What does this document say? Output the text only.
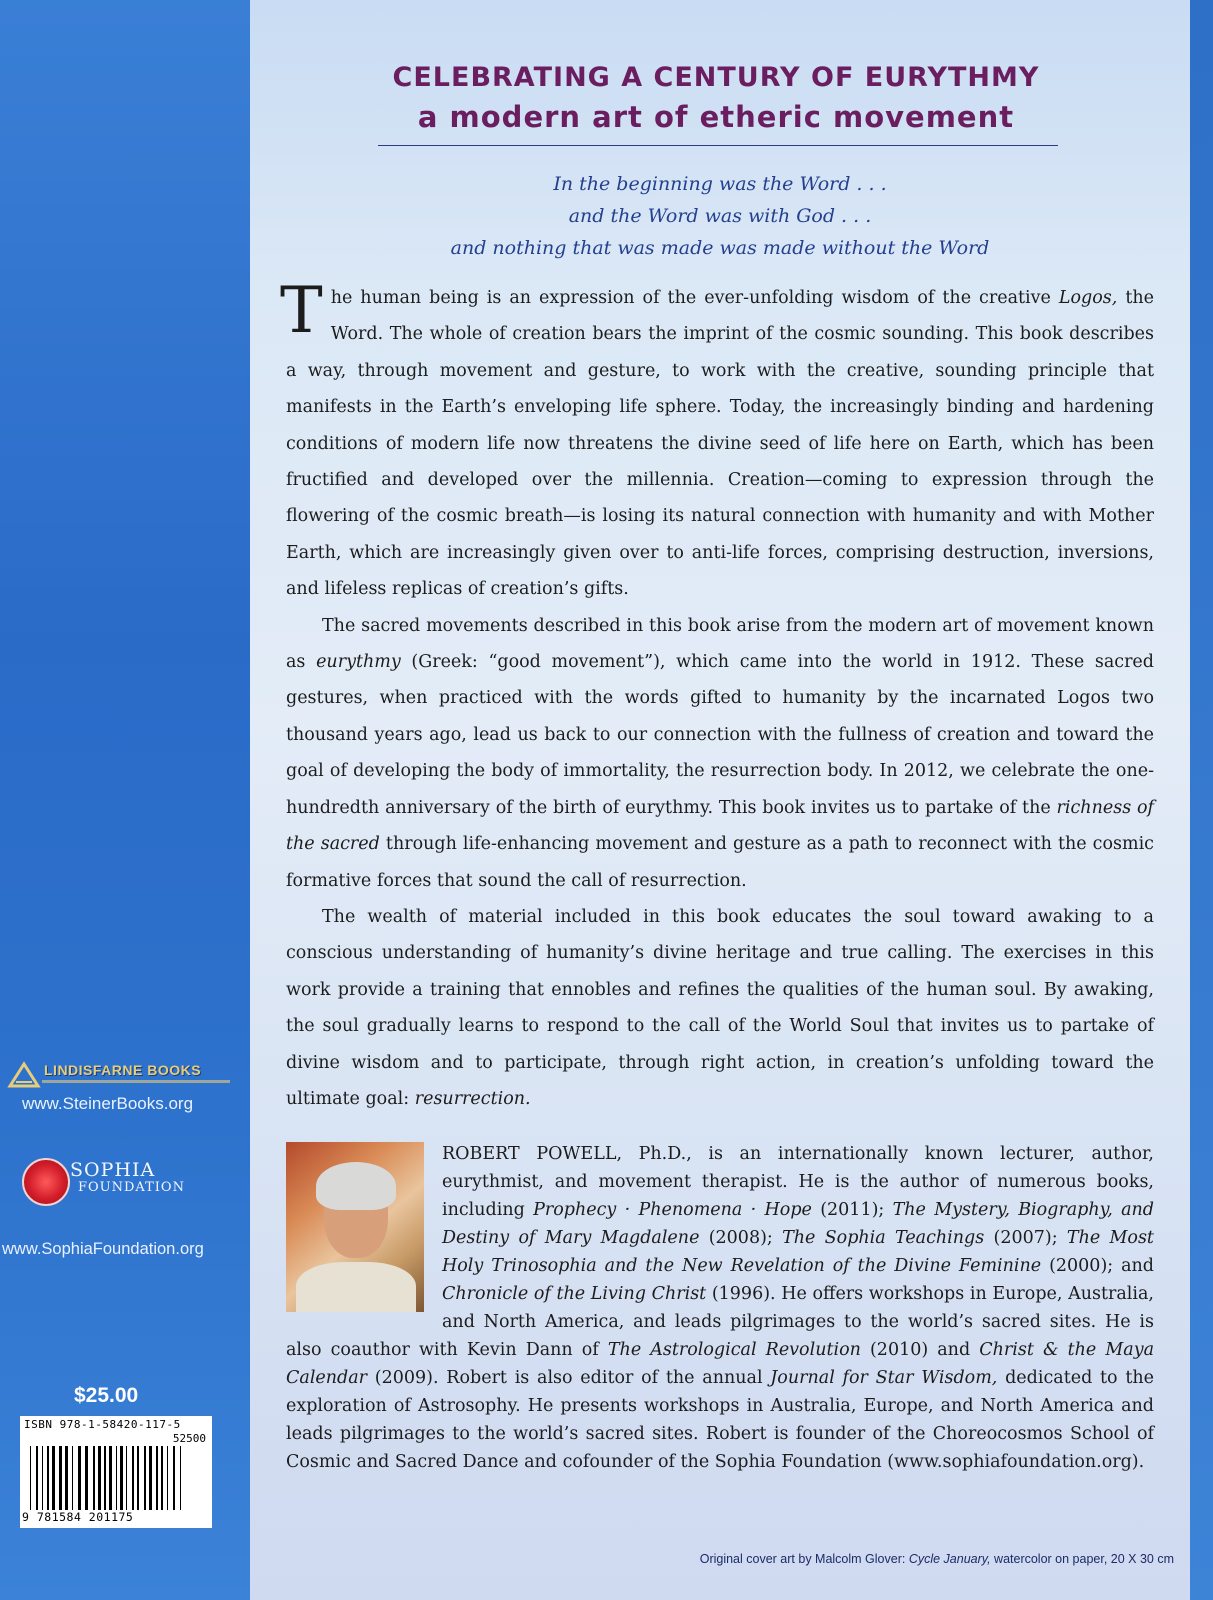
CELEBRATING A CENTURY OF EURYTHMY
a modern art of etheric movement
In the beginning was the Word . . .
and the Word was with God . . .
and nothing that was made was made without the Word

The human being is an expression of the ever-unfolding wisdom of the creative Logos, the Word. The whole of creation bears the imprint of the cosmic sounding. This book describes a way, through movement and gesture, to work with the creative, sounding principle that manifests in the Earth’s enveloping life sphere. Today, the increasingly binding and hardening conditions of modern life now threatens the divine seed of life here on Earth, which has been fructified and developed over the millennia. Creation—coming to expression through the flowering of the cosmic breath—is losing its natural connection with humanity and with Mother Earth, which are increasingly given over to anti-life forces, comprising destruction, inversions, and lifeless replicas of creation’s gifts.

The sacred movements described in this book arise from the modern art of movement known as eurythmy (Greek: “good movement”), which came into the world in 1912. These sacred gestures, when practiced with the words gifted to humanity by the incarnated Logos two thousand years ago, lead us back to our connection with the fullness of creation and toward the goal of developing the body of immortality, the resurrection body. In 2012, we celebrate the one-hundredth anniversary of the birth of eurythmy. This book invites us to partake of the richness of the sacred through life-enhancing movement and gesture as a path to reconnect with the cosmic formative forces that sound the call of resurrection.

The wealth of material included in this book educates the soul toward awaking to a conscious understanding of humanity’s divine heritage and true calling. The exercises in this work provide a training that ennobles and refines the qualities of the human soul. By awaking, the soul gradually learns to respond to the call of the World Soul that invites us to partake of divine wisdom and to participate, through right action, in creation’s unfolding toward the ultimate goal: resurrection.

ROBERT POWELL, Ph.D., is an internationally known lecturer, author, eurythmist, and movement therapist. He is the author of numerous books, including Prophecy · Phenomena · Hope (2011); The Mystery, Biography, and Destiny of Mary Magdalene (2008); The Sophia Teachings (2007); The Most Holy Trinosophia and the New Revelation of the Divine Feminine (2000); and Chronicle of the Living Christ (1996). He offers workshops in Europe, Australia, and North America, and leads pilgrimages to the world’s sacred sites. He is also coauthor with Kevin Dann of The Astrological Revolution (2010) and Christ & the Maya Calendar (2009). Robert is also editor of the annual Journal for Star Wisdom, dedicated to the exploration of Astrosophy. He presents workshops in Australia, Europe, and North America and leads pilgrimages to the world’s sacred sites. Robert is founder of the Choreocosmos School of Cosmic and Sacred Dance and cofounder of the Sophia Foundation (www.sophiafoundation.org).
Original cover art by Malcolm Glover: Cycle January, watercolor on paper, 20 X 30 cm
LINDISFARNE BOOKS
www.SteinerBooks.org
SOPHIA
FOUNDATION
www.SophiaFoundation.org
$25.00
ISBN 978-1-58420-117-5
52500
9 781584 201175
